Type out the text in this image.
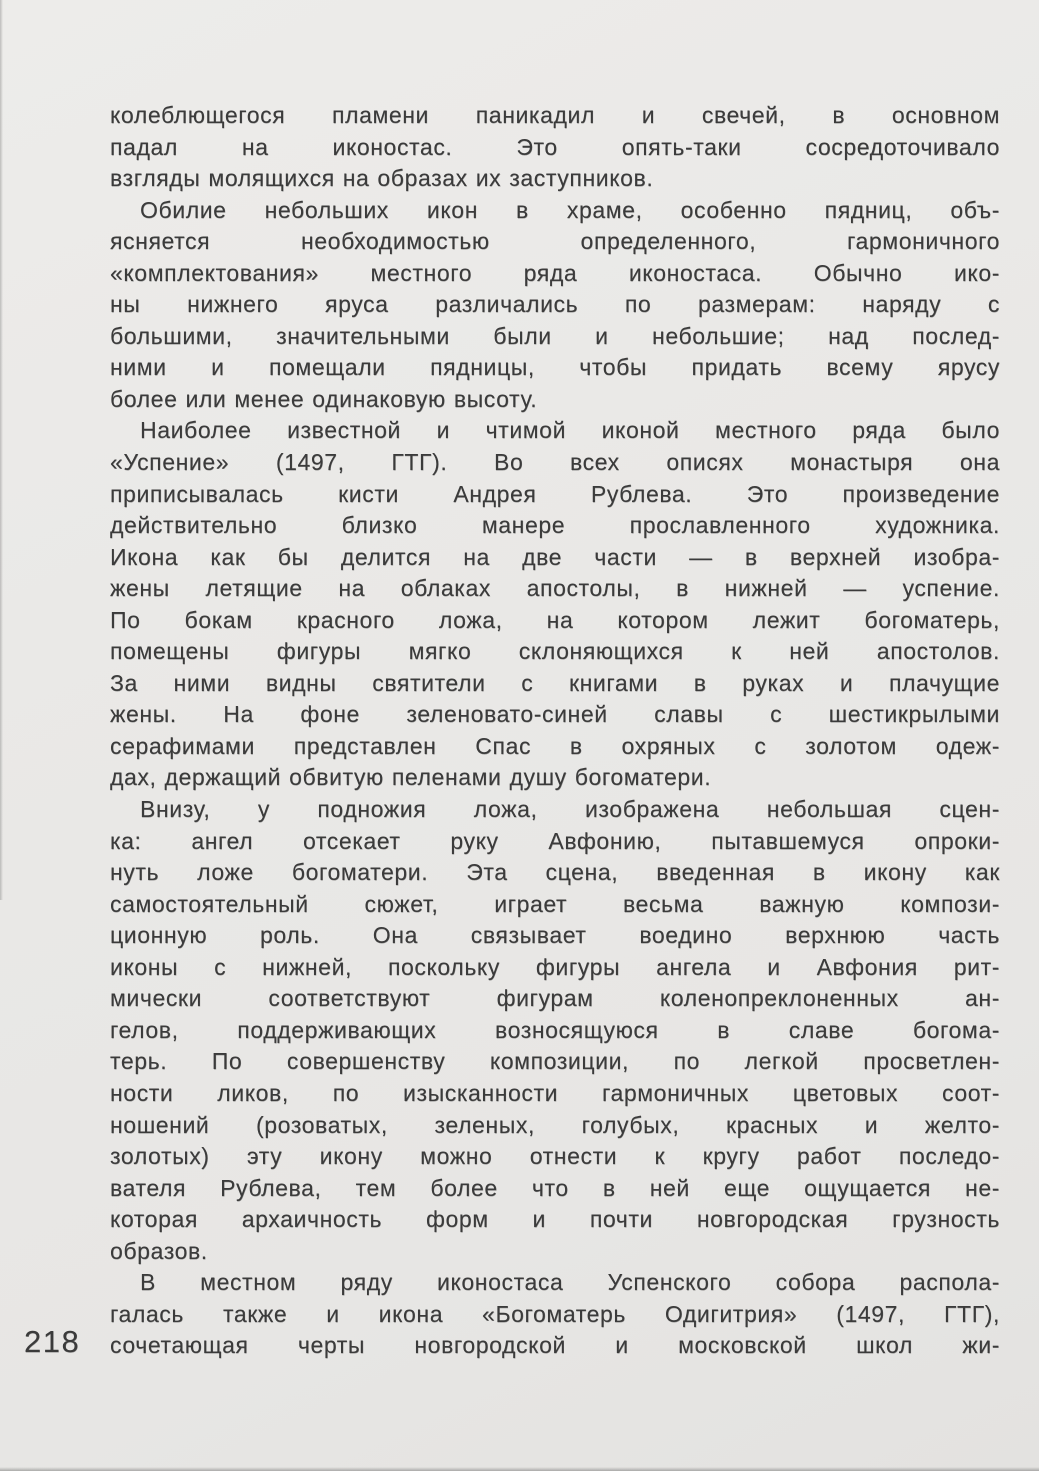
218
колеблющегося пламени паникадил и свечей, в основном
падал на иконостас. Это опять-таки сосредоточивало
взгляды молящихся на образах их заступников.
Обилие небольших икон в храме, особенно пядниц, объ-
ясняется необходимостью определенного, гармоничного
«комплектования» местного ряда иконостаса. Обычно ико-
ны нижнего яруса различались по размерам: наряду с
большими, значительными были и небольшие; над послед-
ними и помещали пядницы, чтобы придать всему ярусу
более или менее одинаковую высоту.
Наиболее известной и чтимой иконой местного ряда было
«Успение» (1497, ГТГ). Во всех описях монастыря она
приписывалась кисти Андрея Рублева. Это произведение
действительно близко манере прославленного художника.
Икона как бы делится на две части — в верхней изобра-
жены летящие на облаках апостолы, в нижней — успение.
По бокам красного ложа, на котором лежит богоматерь,
помещены фигуры мягко склоняющихся к ней апостолов.
За ними видны святители с книгами в руках и плачущие
жены. На фоне зеленовато-синей славы с шестикрылыми
серафимами представлен Спас в охряных с золотом одеж-
дах, держащий обвитую пеленами душу богоматери.
Внизу, у подножия ложа, изображена небольшая сцен-
ка: ангел отсекает руку Авфонию, пытавшемуся опроки-
нуть ложе богоматери. Эта сцена, введенная в икону как
самостоятельный сюжет, играет весьма важную компози-
ционную роль. Она связывает воедино верхнюю часть
иконы с нижней, поскольку фигуры ангела и Авфония рит-
мически соответствуют фигурам коленопреклоненных ан-
гелов, поддерживающих возносящуюся в славе богома-
терь. По совершенству композиции, по легкой просветлен-
ности ликов, по изысканности гармоничных цветовых соот-
ношений (розоватых, зеленых, голубых, красных и желто-
золотых) эту икону можно отнести к кругу работ последо-
вателя Рублева, тем более что в ней еще ощущается не-
которая архаичность форм и почти новгородская грузность
образов.
В местном ряду иконостаса Успенского собора распола-
галась также и икона «Богоматерь Одигитрия» (1497, ГТГ),
сочетающая черты новгородской и московской школ жи-
